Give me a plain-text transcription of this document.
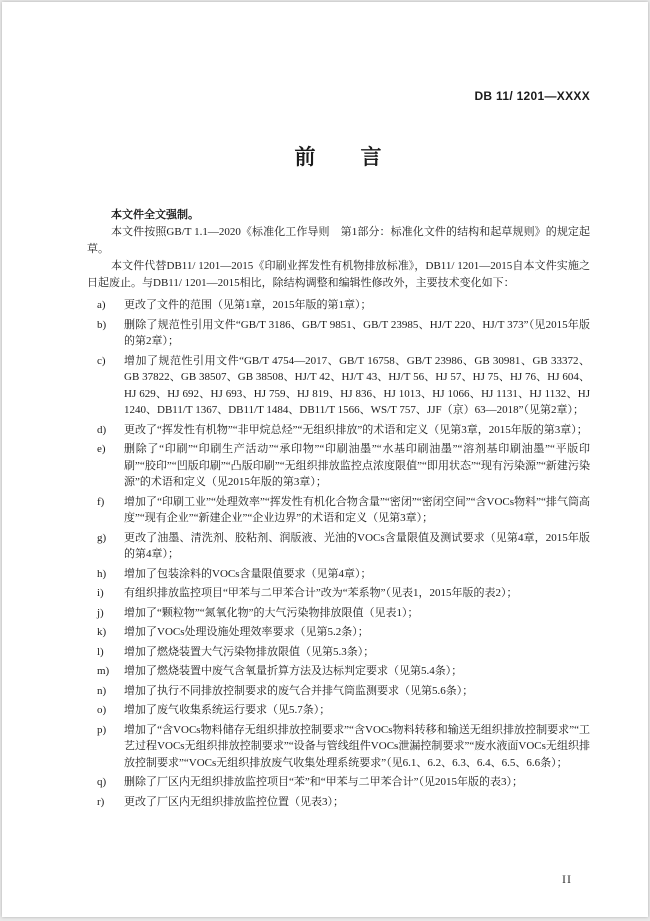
DB 11/ 1201—XXXX
前　　言

本文件全文强制。

本文件按照GB/T 1.1—2020《标准化工作导则　第1部分：标准化文件的结构和起草规则》的规定起草。

本文件代替DB11/ 1201—2015《印刷业挥发性有机物排放标准》，DB11/ 1201—2015自本文件实施之日起废止。与DB11/ 1201—2015相比，除结构调整和编辑性修改外，主要技术变化如下：

a)	更改了文件的范围（见第1章，2015年版的第1章）；
b)	删除了规范性引用文件“GB/T 3186、GB/T 9851、GB/T 23985、HJ/T 220、HJ/T 373”（见2015年版的第2章）；
c)	增加了规范性引用文件“GB/T 4754—2017、GB/T 16758、GB/T 23986、GB 30981、GB 33372、GB 37822、GB 38507、GB 38508、HJ/T 42、HJ/T 43、HJ/T 56、HJ 57、HJ 75、HJ 76、HJ 604、HJ 629、HJ 692、HJ 693、HJ 759、HJ 819、HJ 836、HJ 1013、HJ 1066、HJ 1131、HJ 1132、HJ 1240、DB11/T 1367、DB11/T 1484、DB11/T 1566、WS/T 757、JJF（京）63—2018”（见第2章）；
d)	更改了“挥发性有机物”“非甲烷总烃”“无组织排放”的术语和定义（见第3章，2015年版的第3章）；
e)	删除了“印刷”“印刷生产活动”“承印物”“印刷油墨”“水基印刷油墨”“溶剂基印刷油墨”“平版印刷”“胶印”“凹版印刷”“凸版印刷”“无组织排放监控点浓度限值”“即用状态”“现有污染源”“新建污染源”的术语和定义（见2015年版的第3章）；
f)	增加了“印刷工业”“处理效率”“挥发性有机化合物含量”“密闭”“密闭空间”“含VOCs物料”“排气筒高度”“现有企业”“新建企业”“企业边界”的术语和定义（见第3章）；
g)	更改了油墨、清洗剂、胶粘剂、润版液、光油的VOCs含量限值及测试要求（见第4章，2015年版的第4章）；
h)	增加了包装涂料的VOCs含量限值要求（见第4章）；
i)	有组织排放监控项目“甲苯与二甲苯合计”改为“苯系物”（见表1，2015年版的表2）；
j)	增加了“颗粒物”“氮氧化物”的大气污染物排放限值（见表1）；
k)	增加了VOCs处理设施处理效率要求（见第5.2条）；
l)	增加了燃烧装置大气污染物排放限值（见第5.3条）；
m)	增加了燃烧装置中废气含氧量折算方法及达标判定要求（见第5.4条）；
n)	增加了执行不同排放控制要求的废气合并排气筒监测要求（见第5.6条）；
o)	增加了废气收集系统运行要求（见5.7条）；
p)	增加了“含VOCs物料储存无组织排放控制要求”“含VOCs物料转移和输送无组织排放控制要求”“工艺过程VOCs无组织排放控制要求”“设备与管线组件VOCs泄漏控制要求”“废水液面VOCs无组织排放控制要求”“VOCs无组织排放废气收集处理系统要求”（见6.1、6.2、6.3、6.4、6.5、6.6条）；
q)	删除了厂区内无组织排放监控项目“苯”和“甲苯与二甲苯合计”（见2015年版的表3）；
r)	更改了厂区内无组织排放监控位置（见表3）；
II
